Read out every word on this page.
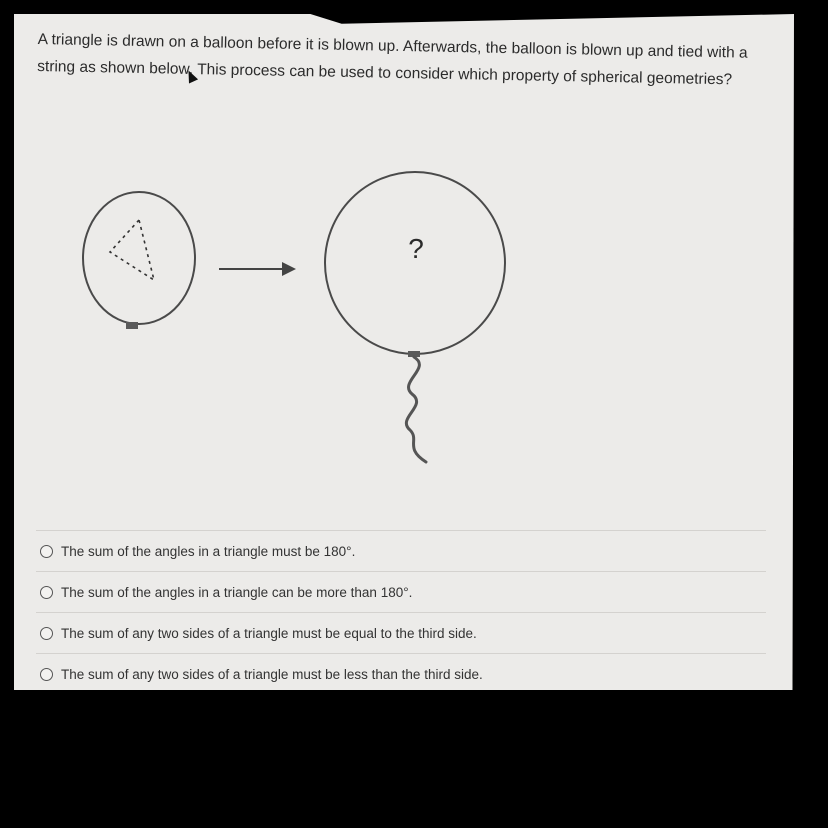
A triangle is drawn on a balloon before it is blown up. Afterwards, the balloon is blown up and tied with a string as shown below. This process can be used to consider which property of spherical geometries?
?
The sum of the angles in a triangle must be 180°.
The sum of the angles in a triangle can be more than 180°.
The sum of any two sides of a triangle must be equal to the third side.
The sum of any two sides of a triangle must be less than the third side.
